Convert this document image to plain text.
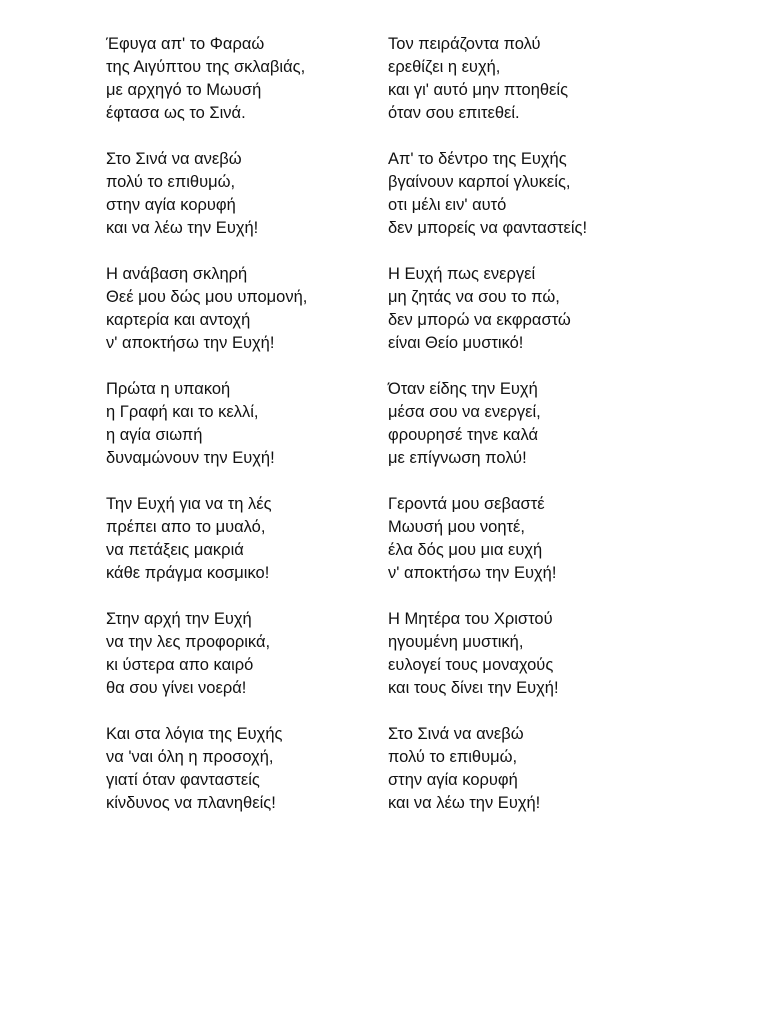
Έφυγα απ' το Φαραώ
της Αιγύπτου της σκλαβιάς,
με αρχηγό το Μωυσή
έφτασα ως το Σινά.
Στο Σινά να ανεβώ
πολύ το επιθυμώ,
στην αγία κορυφή
και να λέω την Ευχή!
Η ανάβαση σκληρή
Θεέ μου δώς μου υπομονή,
καρτερία και αντοχή
ν' αποκτήσω την Ευχή!
Πρώτα η υπακοή
η Γραφή και το κελλί,
η αγία σιωπή
δυναμώνουν την Ευχή!
Την Ευχή για να τη λές
πρέπει απο το μυαλό,
να πετάξεις μακριά
κάθε πράγμα κοσμικο!
Στην αρχή την Ευχή
να την λες προφορικά,
κι ύστερα απο καιρό
θα σου γίνει νοερά!
Και στα λόγια της Ευχής
να 'ναι όλη η προσοχή,
γιατί όταν φανταστείς
κίνδυνος να πλανηθείς!
Τον πειράζοντα πολύ
ερεθίζει η ευχή,
και γι' αυτό μην πτοηθείς
όταν σου επιτεθεί.
Απ' το δέντρο της Ευχής
βγαίνουν καρποί γλυκείς,
οτι μέλι ειν' αυτό
δεν μπορείς να φανταστείς!
Η Ευχή πως ενεργεί
μη ζητάς να σου το πώ,
δεν μπορώ να εκφραστώ
είναι Θείο μυστικό!
Όταν είδης την Ευχή
μέσα σου να ενεργεί,
φρουρησέ τηνε καλά
με επίγνωση πολύ!
Γεροντά μου σεβαστέ
Μωυσή μου νοητέ,
έλα δός μου μια ευχή
ν' αποκτήσω την Ευχή!
Η Μητέρα του Χριστού
ηγουμένη μυστική,
ευλογεί τους μοναχούς
και τους δίνει την Ευχή!
Στο Σινά να ανεβώ
πολύ το επιθυμώ,
στην αγία κορυφή
και να λέω την Ευχή!
